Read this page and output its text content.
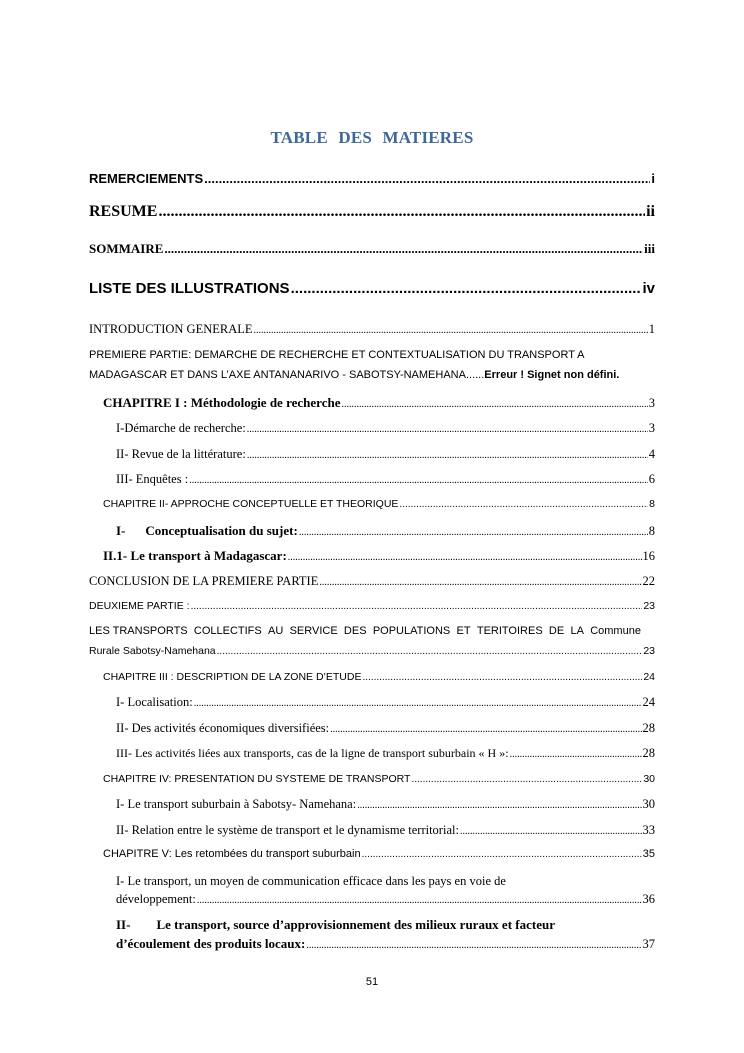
TABLE DES MATIERES
REMERCIEMENTS .....	i
RESUME .....	ii
SOMMAIRE .....	iii
LISTE DES ILLUSTRATIONS .....	iv
INTRODUCTION GENERALE .....	1
PREMIERE PARTIE: DEMARCHE DE RECHERCHE ET CONTEXTUALISATION DU TRANSPORT A
MADAGASCAR ET DANS L’AXE ANTANANARIVO - SABOTSY-NAMEHANA......Erreur ! Signet non défini.
CHAPITRE I : Méthodologie de recherche .....	3
I-Démarche de recherche: .....	3
II- Revue de la littérature: .....	4
III- Enquêtes : .....	6
CHAPITRE II- APPROCHE CONCEPTUELLE ET THEORIQUE .....	8
I- Conceptualisation du sujet: .....	8
II.1- Le transport à Madagascar: .....	16
CONCLUSION DE LA PREMIERE PARTIE .....	22
DEUXIEME PARTIE : .....	23
LES TRANSPORTS COLLECTIFS AU SERVICE DES POPULATIONS ET TERITOIRES DE LA Commune
Rurale Sabotsy-Namehana .....	23
CHAPITRE III : DESCRIPTION DE LA ZONE D’ETUDE .....	24
I- Localisation: .....	24
II- Des activités économiques diversifiées: .....	28
III- Les activités liées aux transports, cas de la ligne de transport suburbain « H »: .....	28
CHAPITRE IV: PRESENTATION DU SYSTEME DE TRANSPORT .....	30
I- Le transport suburbain à Sabotsy- Namehana: .....	30
II- Relation entre le système de transport et le dynamisme territorial: .....	33
CHAPITRE V: Les retombées du transport suburbain .....	35
I- Le transport, un moyen de communication efficace dans les pays en voie de
développement: .....	36
II- Le transport, source d’approvisionnement des milieux ruraux et facteur
d’écoulement des produits locaux: .....	37
51
